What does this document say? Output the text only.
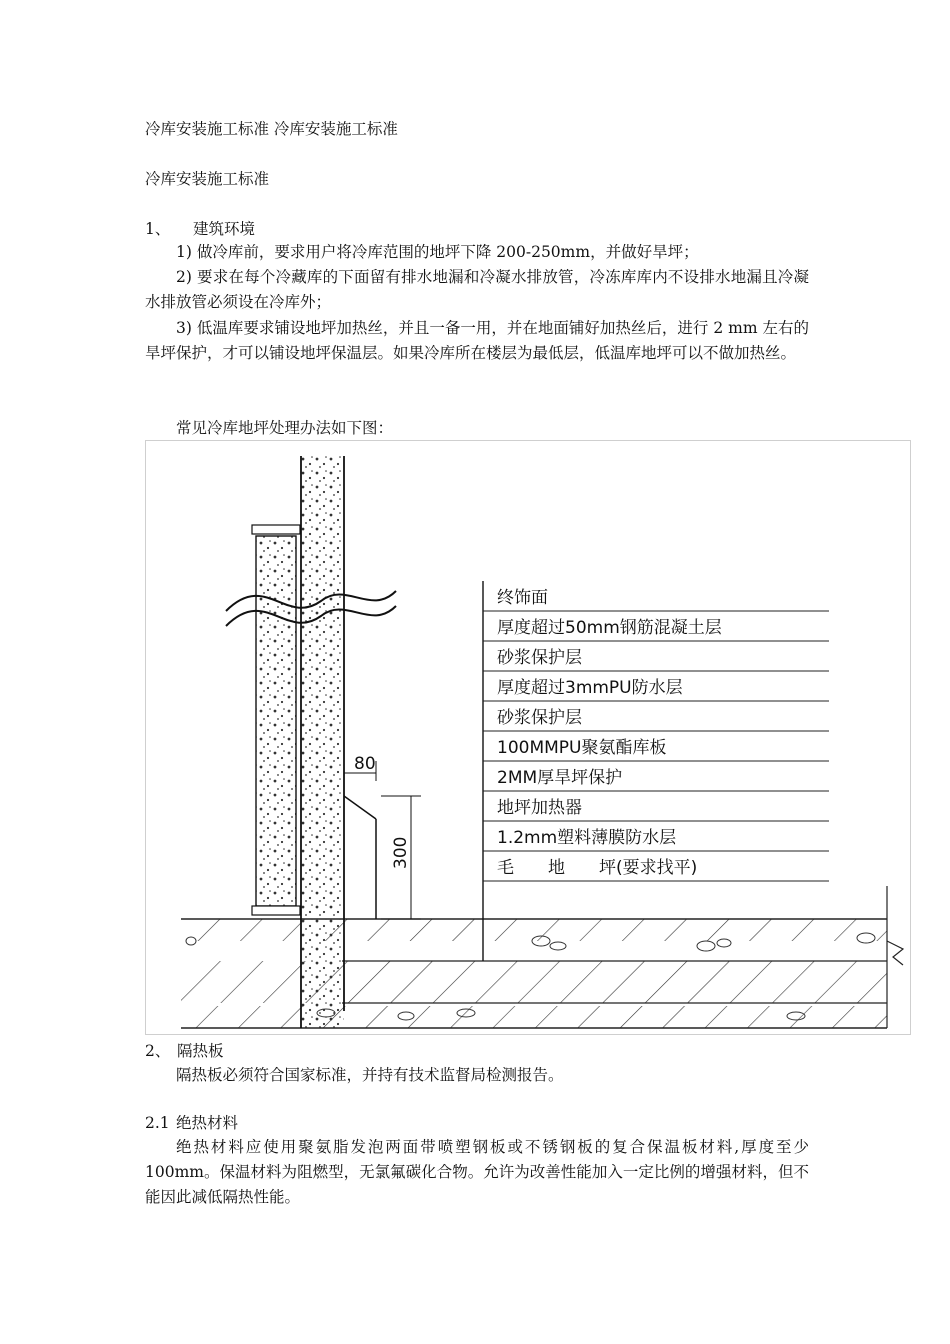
冷库安装施工标准 冷库安装施工标准
冷库安装施工标准
1、 建筑环境
1) 做冷库前，要求用户将冷库范围的地坪下降 200-250mm，并做好旱坪；
2) 要求在每个冷藏库的下面留有排水地漏和冷凝水排放管，冷冻库库内不设排水地漏且冷凝水排放管必须设在冷库外；
3) 低温库要求铺设地坪加热丝，并且一备一用，并在地面铺好加热丝后，进行 2 mm 左右的旱坪保护，才可以铺设地坪保温层。如果冷库所在楼层为最低层，低温库地坪可以不做加热丝。
常见冷库地坪处理办法如下图：
80
300
终饰面
厚度超过50mm钢筋混凝土层
砂浆保护层
厚度超过3mmPU防水层
砂浆保护层
100MMPU聚氨酯库板
2MM厚旱坪保护
地坪加热器
1.2mm塑料薄膜防水层
毛　　地　　坪(要求找平)
2、 隔热板
隔热板必须符合国家标准，并持有技术监督局检测报告。
2.1 绝热材料
绝热材料应使用聚氨脂发泡两面带喷塑钢板或不锈钢板的复合保温板材料,厚度至少100mm。保温材料为阻燃型，无氯氟碳化合物。允许为改善性能加入一定比例的增强材料，但不能因此减低隔热性能。
